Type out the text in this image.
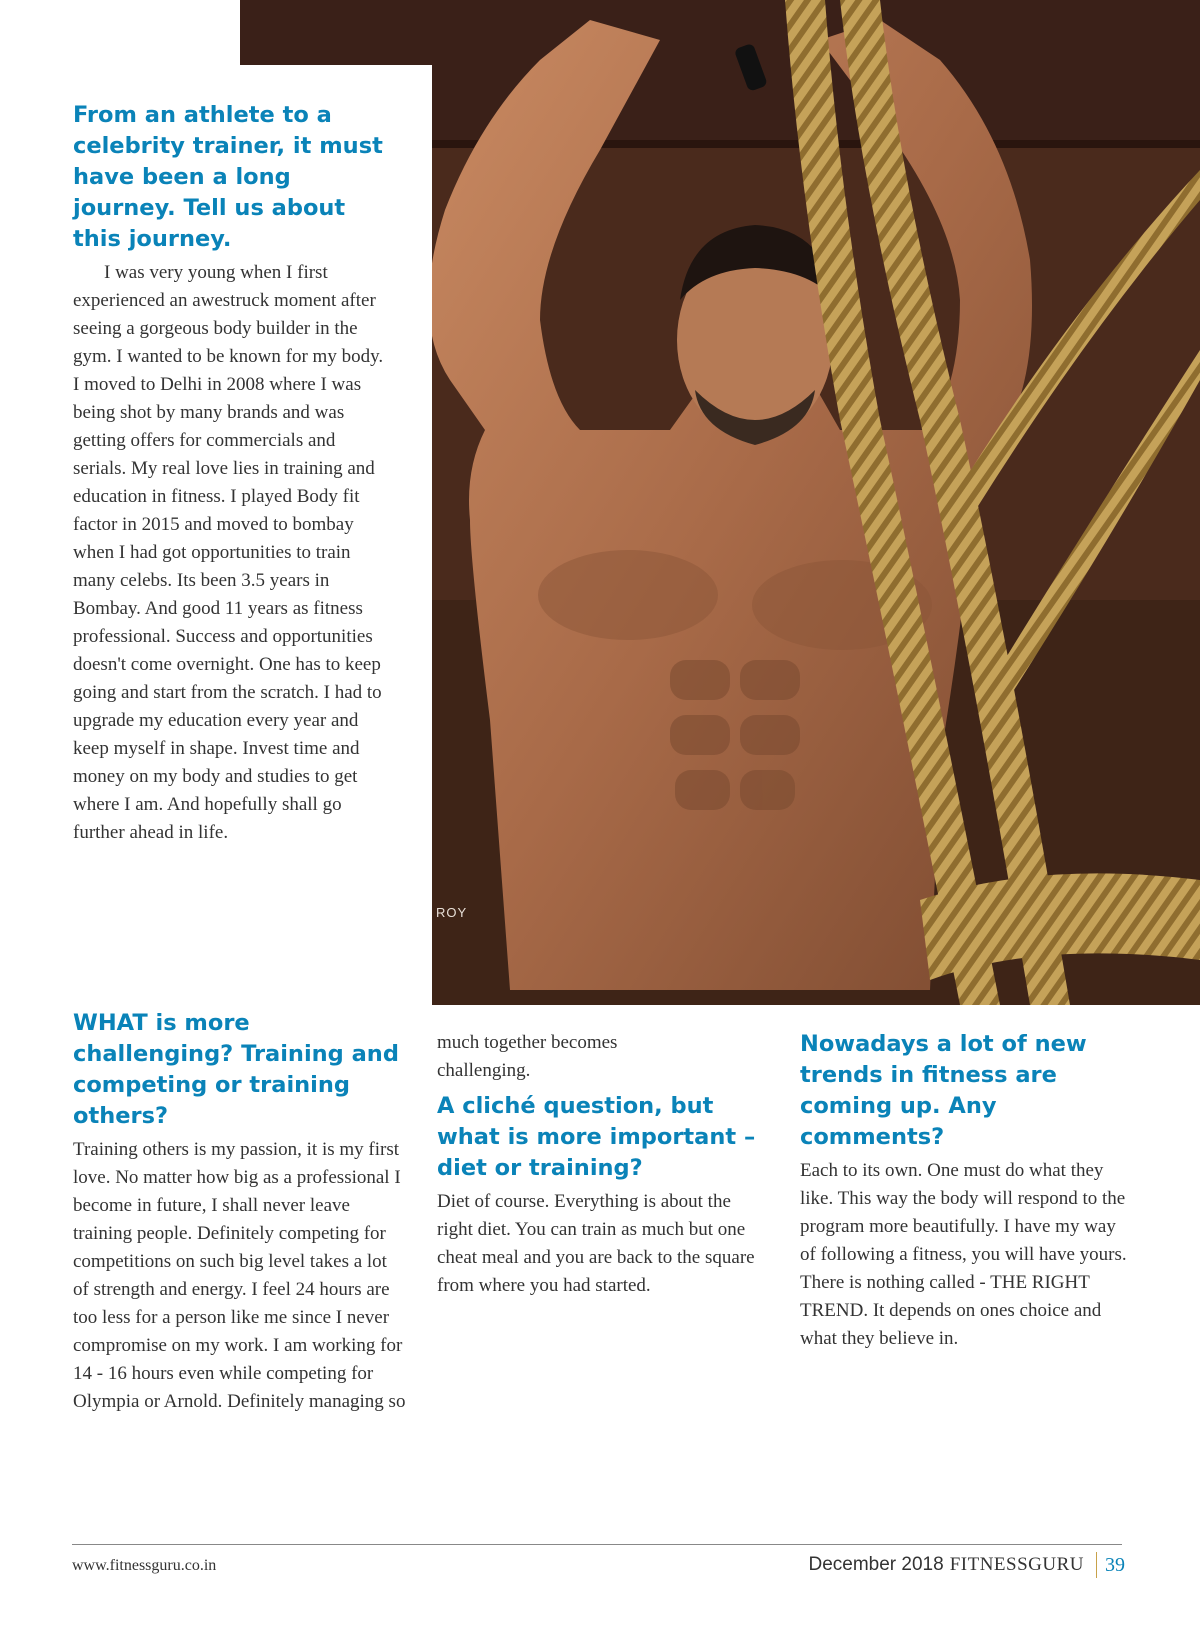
ROY
From an athlete to a celebrity trainer, it must have been a long journey. Tell us about this journey.

I was very young when I first experienced an awestruck moment after seeing a gorgeous body builder in the gym. I wanted to be known for my body. I moved to Delhi in 2008 where I was being shot by many brands and was getting offers for commercials and serials. My real love lies in training and education in fitness. I played Body fit factor in 2015 and moved to bombay when I had got opportunities to train many celebs. Its been 3.5 years in Bombay. And good 11 years as fitness professional. Success and opportunities doesn't come overnight. One has to keep going and start from the scratch. I had to upgrade my education every year and keep myself in shape. Invest time and money on my body and studies to get where I am. And hopefully shall go further ahead in life.

WHAT is more challenging? Training and competing or training others?

Training others is my passion, it is my first love. No matter how big as a professional I become in future, I shall never leave training people. Definitely competing for competitions on such big level takes a lot of strength and energy. I feel 24 hours are too less for a person like me since I never compromise on my work. I am working for 14 - 16 hours even while competing for Olympia or Arnold. Definitely managing so

much together becomes challenging.

A cliché question, but what is more important – diet or training?

Diet of course. Everything is about the right diet. You can train as much but one cheat meal and you are back to the square from where you had started.

Nowadays a lot of new trends in fitness are coming up. Any comments?

Each to its own. One must do what they like. This way the body will respond to the program more beautifully. I have my way of following a fitness, you will have yours. There is nothing called - THE RIGHT TREND. It depends on ones choice and what they believe in.

www.fitnessguru.co.in	December 2018 FITNESSGURU 39
